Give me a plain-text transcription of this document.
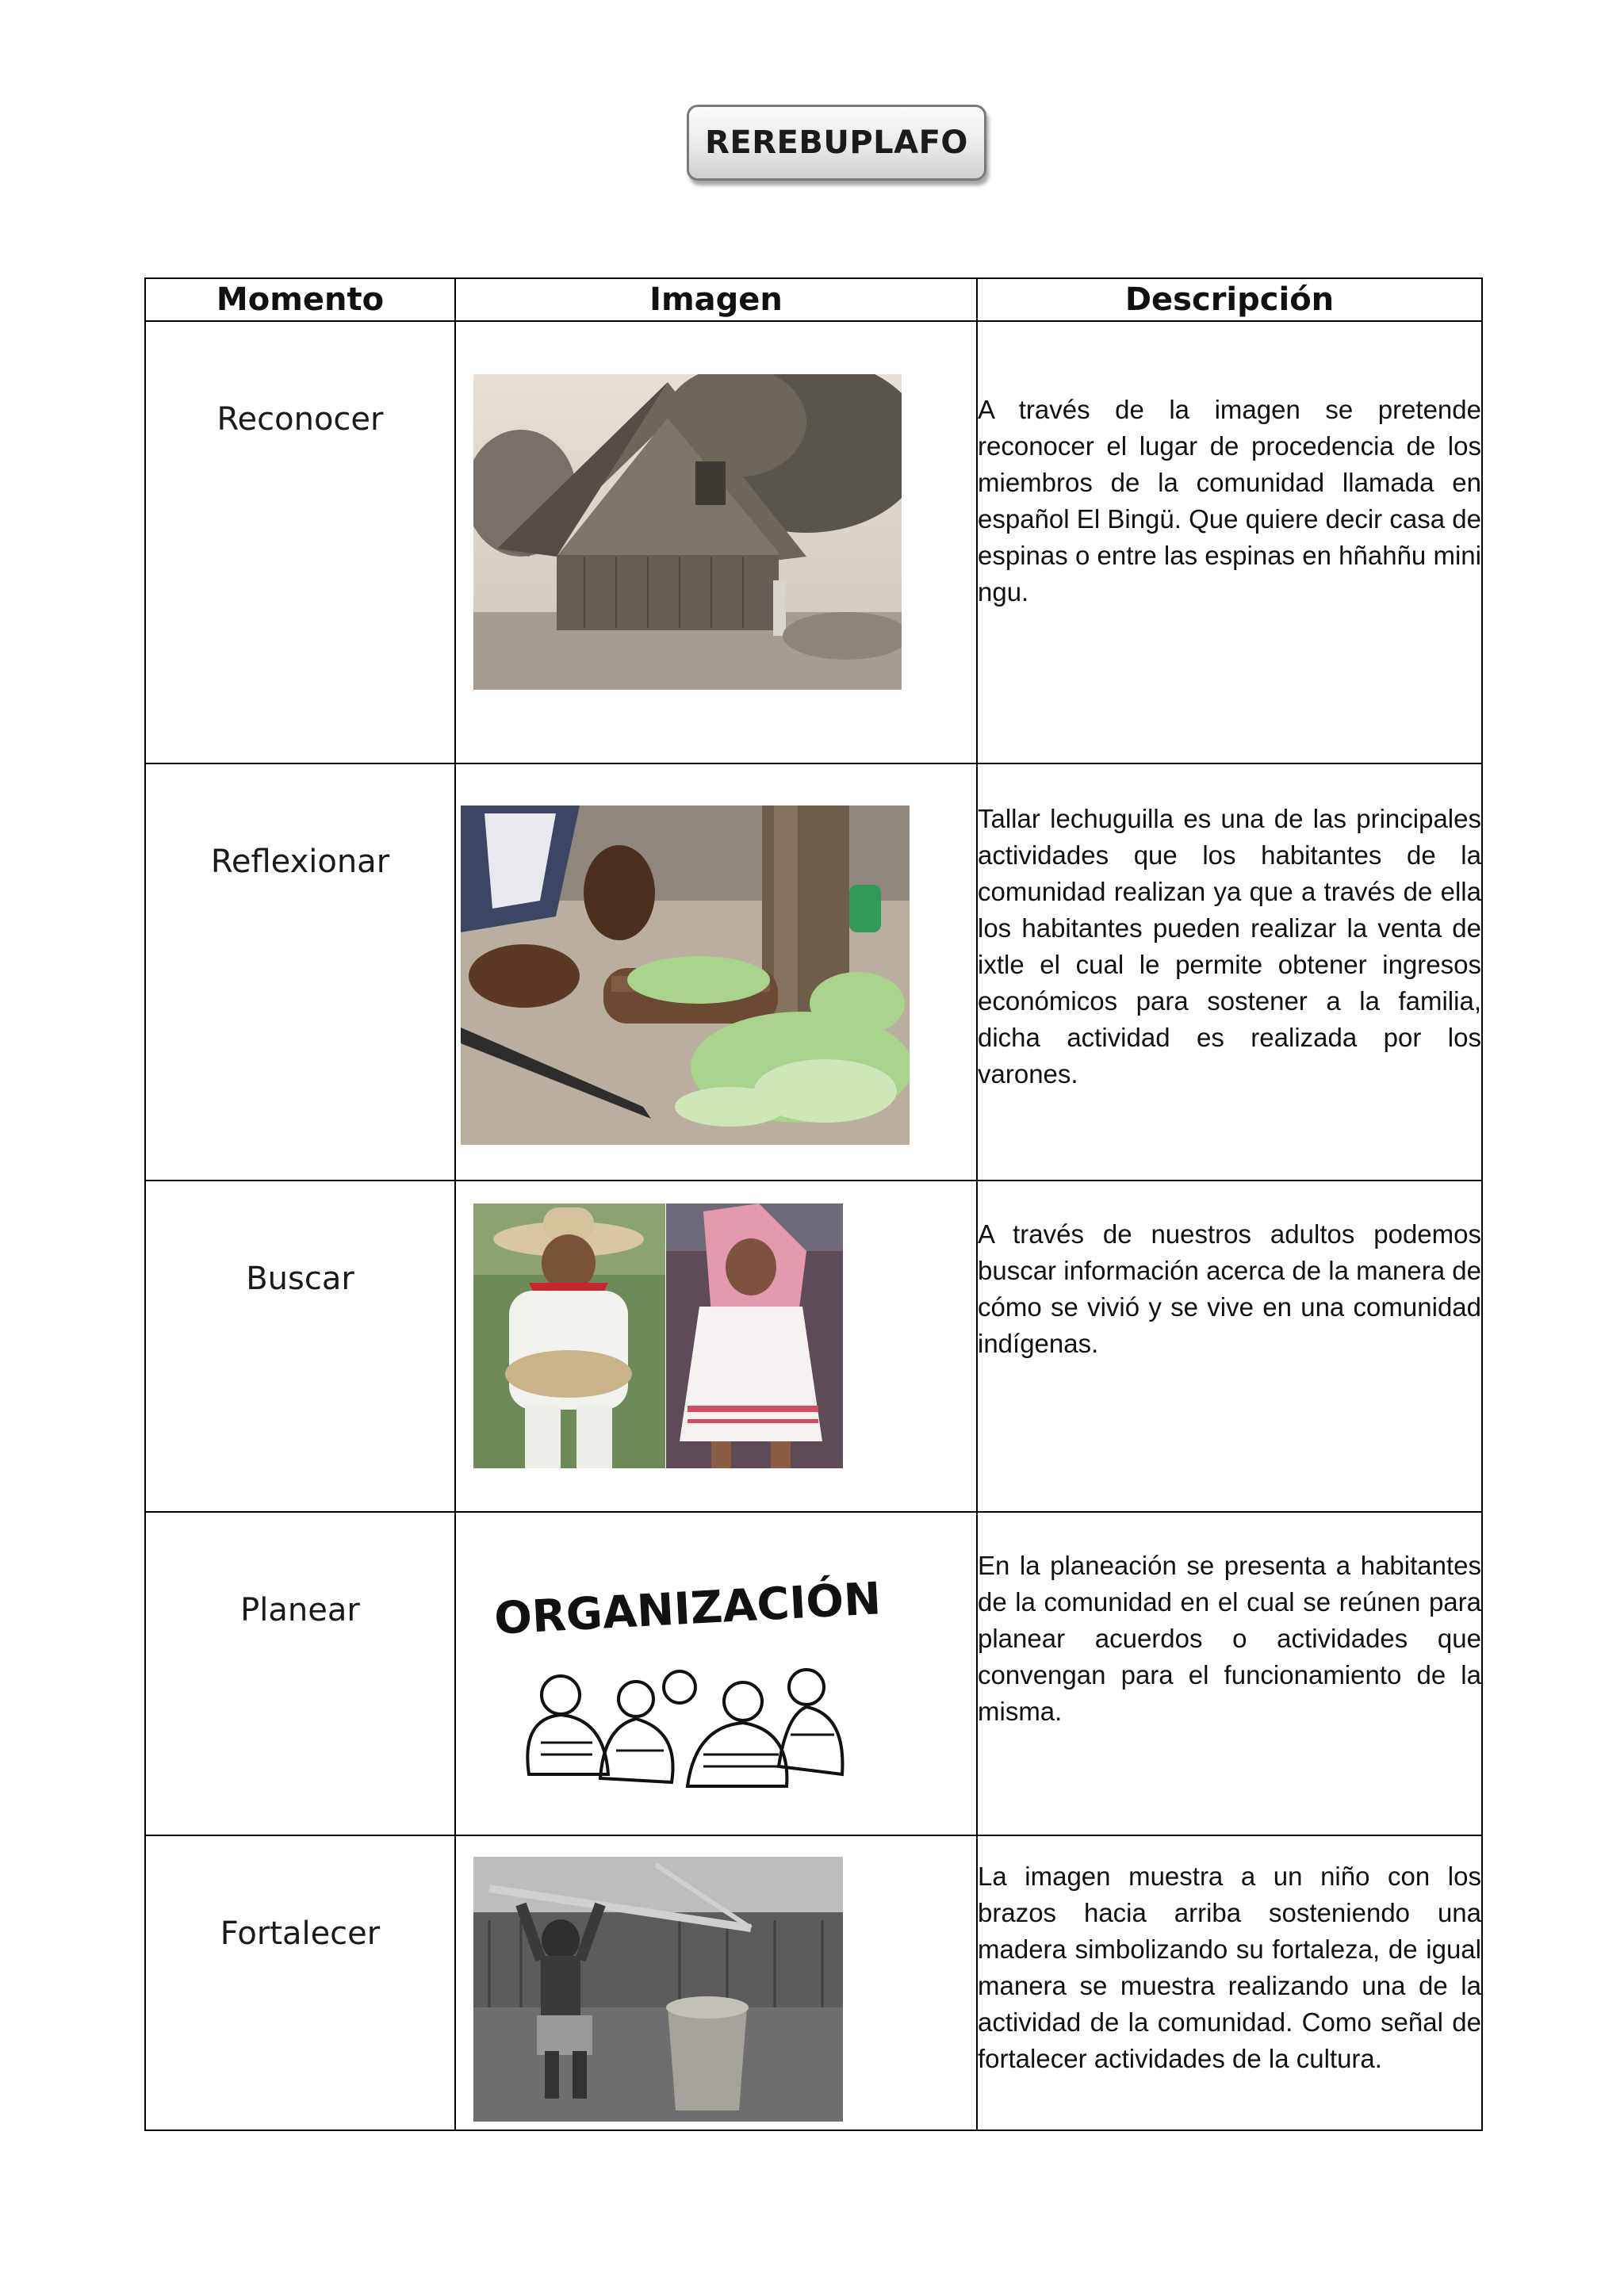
REREBUPLAFO
Momento	Imagen	Descripción

Reconocer		A través de la imagen se pretende reconocer el lugar de procedencia de los miembros de la comunidad llamada en español El Bingü. Que quiere decir casa de espinas o entre las espinas en hñahñu mini ngu.

Reflexionar		Tallar lechuguilla es una de las principales actividades que los habitantes de la comunidad realizan ya que a través de ella los habitantes pueden realizar la venta de ixtle el cual le permite obtener ingresos económicos para sostener a la familia, dicha actividad es realizada por los varones.

Buscar		A través de nuestros adultos podemos buscar información acerca de la manera de cómo se vivió y se vive en una comunidad indígenas.

Planear	ORGANIZACIÓN	En la planeación se presenta a habitantes de la comunidad en el cual se reúnen para planear acuerdos o actividades que convengan para el funcionamiento de la misma.

Fortalecer		La imagen muestra a un niño con los brazos hacia arriba sosteniendo una madera simbolizando su fortaleza, de igual manera se muestra realizando una de la actividad de la comunidad. Como señal de fortalecer actividades de la cultura.
